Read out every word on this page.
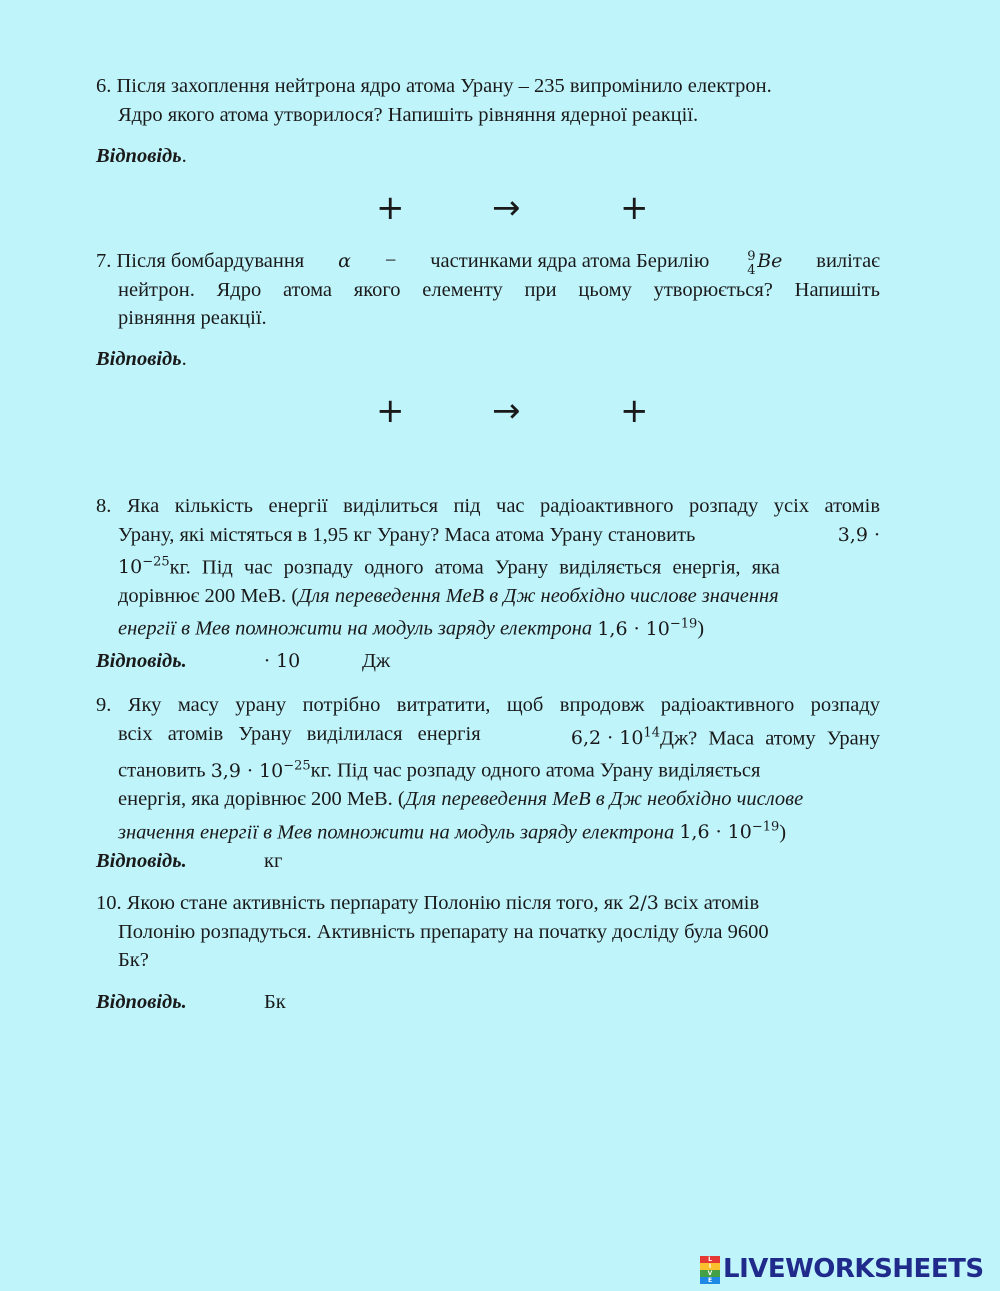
6. Після захоплення нейтрона ядро атома Урану – 235 випромінило електрон.
Ядро якого атома утворилося? Напишіть рівняння ядерної реакції.
Відповідь.
+	→	+
7. Після бомбардування α − частинками ядра атома Берилію	9
4 Be вилітає
нейтрон. Ядро атома якого елементу при цьому утворюється? Напишіть
рівняння реакції.
Відповідь.
+	→	+
8. Яка кількість енергії виділиться під час радіоактивного розпаду усіх атомів
Урану, які містяться в 1,95 кг Урану? Маса атома Урану становить	3,9 ·
$10^{-25}кг$. Під час розпаду одного атома Урану виділяється енергія, яка
дорівнює 200 МеВ. (Для переведення МеВ в Дж необхідно числове значення
енергії в Мев помножити на модуль заряду електрона $1,6 \cdot 10^{-19}$)
Відповідь.	· 10	Дж
9. Яку масу урану потрібно витратити, щоб впродовж радіоактивного розпаду
всіх атомів Урану виділилася енергія	$6,2 \cdot 10^{14}Дж$? Маса атому Урану
становить $3,9 \cdot 10^{-25}кг$. Під час розпаду одного атома Урану виділяється
енергія, яка дорівнює 200 МеВ. (Для переведення МеВ в Дж необхідно числове
значення енергії в Мев помножити на модуль заряду електрона $1,6 \cdot 10^{-19}$)
Відповідь.	кг
10. Якою стане активність перпарату Полонію після того, як 2/3 всіх атомів
Полонію розпадуться. Активність препарату на початку досліду була 9600
Бк?
Відповідь.	Бк
L
I
V
E LIVEWORKSHEETS
